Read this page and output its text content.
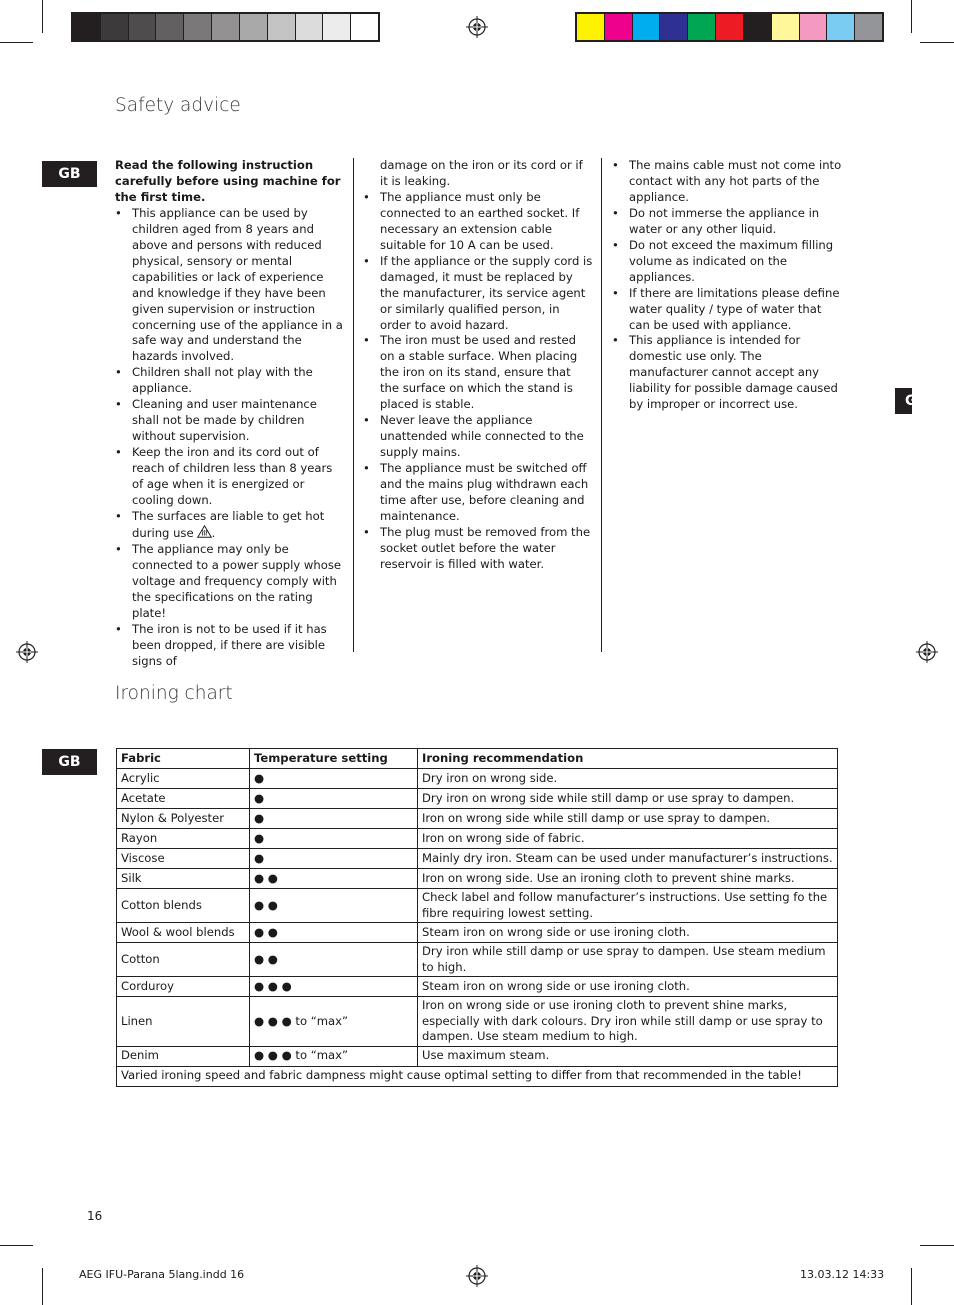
Safety advice
GB
G

Read the following instruction carefully before using machine for the first time.

• This appliance can be used by children aged from 8 years and above and persons with reduced physical, sensory or mental capabilities or lack of experience and knowledge if they have been given supervision or instruction concerning use of the appliance in a safe way and understand the hazards involved.
• Children shall not play with the appliance.
• Cleaning and user maintenance shall not be made by children without supervision.
• Keep the iron and its cord out of reach of children less than 8 years of age when it is energized or cooling down.
• The surfaces are liable to get hot during use .
• The appliance may only be connected to a power supply whose voltage and frequency comply with the specifications on the rating plate!
• The iron is not to be used if it has been dropped, if there are visible signs of
damage on the iron or its cord or if it is leaking.
• The appliance must only be connected to an earthed socket. If necessary an extension cable suitable for 10 A can be used.
• If the appliance or the supply cord is damaged, it must be replaced by the manufacturer, its service agent or similarly qualified person, in order to avoid hazard.
• The iron must be used and rested on a stable surface. When placing the iron on its stand, ensure that the surface on which the stand is placed is stable.
• Never leave the appliance unattended while connected to the supply mains.
• The appliance must be switched off and the mains plug withdrawn each time after use, before cleaning and maintenance.
• The plug must be removed from the socket outlet before the water reservoir is filled with water.
• The mains cable must not come into contact with any hot parts of the appliance.
• Do not immerse the appliance in water or any other liquid.
• Do not exceed the maximum filling volume as indicated on the appliances.
• If there are limitations please define water quality / type of water that can be used with appliance.
• This appliance is intended for domestic use only. The manufacturer cannot accept any liability for possible damage caused by improper or incorrect use.
Ironing chart
GB	Fabric	Temperature setting	Ironing recommendation
Acrylic	●	Dry iron on wrong side.
Acetate	●	Dry iron on wrong side while still damp or use spray to dampen.
Nylon & Polyester	●	Iron on wrong side while still damp or use spray to dampen.
Rayon	●	Iron on wrong side of fabric.
Viscose	●	Mainly dry iron. Steam can be used under manufacturer’s instructions.
Silk	● ●	Iron on wrong side. Use an ironing cloth to prevent shine marks.
Cotton blends	● ●	Check label and follow manufacturer’s instructions. Use setting fo the fibre requiring lowest setting.
Wool & wool blends	● ●	Steam iron on wrong side or use ironing cloth.
Cotton	● ●	Dry iron while still damp or use spray to dampen. Use steam medium to high.
Corduroy	● ● ●	Steam iron on wrong side or use ironing cloth.
Linen	● ● ● to “max”	Iron on wrong side or use ironing cloth to prevent shine marks, especially with dark colours. Dry iron while still damp or use spray to dampen. Use steam medium to high.
Denim	● ● ● to “max”	Use maximum steam.
Varied ironing speed and fabric dampness might cause optimal setting to differ from that recommended in the table!		
16
AEG IFU-Parana 5lang.indd 16	13.03.12 14:33
